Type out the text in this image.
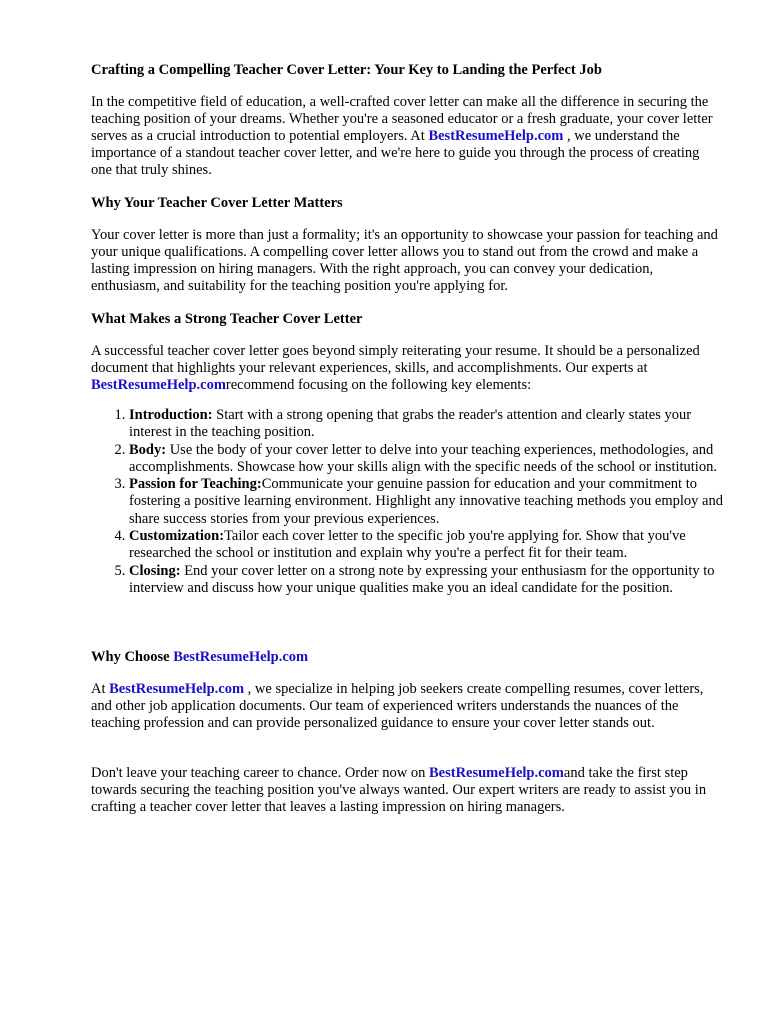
Crafting a Compelling Teacher Cover Letter: Your Key to Landing the Perfect Job
In the competitive field of education, a well-crafted cover letter can make all the difference in securing the teaching position of your dreams. Whether you're a seasoned educator or a fresh graduate, your cover letter serves as a crucial introduction to potential employers. At BestResumeHelp.com , we understand the importance of a standout teacher cover letter, and we're here to guide you through the process of creating one that truly shines.
Why Your Teacher Cover Letter Matters
Your cover letter is more than just a formality; it's an opportunity to showcase your passion for teaching and your unique qualifications. A compelling cover letter allows you to stand out from the crowd and make a lasting impression on hiring managers. With the right approach, you can convey your dedication, enthusiasm, and suitability for the teaching position you're applying for.
What Makes a Strong Teacher Cover Letter
A successful teacher cover letter goes beyond simply reiterating your resume. It should be a personalized document that highlights your relevant experiences, skills, and accomplishments. Our experts at BestResumeHelp.comrecommend focusing on the following key elements:
1. Introduction: Start with a strong opening that grabs the reader's attention and clearly states your interest in the teaching position.
2. Body: Use the body of your cover letter to delve into your teaching experiences, methodologies, and accomplishments. Showcase how your skills align with the specific needs of the school or institution.
3. Passion for Teaching:Communicate your genuine passion for education and your commitment to fostering a positive learning environment. Highlight any innovative teaching methods you employ and share success stories from your previous experiences.
4. Customization:Tailor each cover letter to the specific job you're applying for. Show that you've researched the school or institution and explain why you're a perfect fit for their team.
5. Closing: End your cover letter on a strong note by expressing your enthusiasm for the opportunity to interview and discuss how your unique qualities make you an ideal candidate for the position.
Why Choose BestResumeHelp.com
At BestResumeHelp.com , we specialize in helping job seekers create compelling resumes, cover letters, and other job application documents. Our team of experienced writers understands the nuances of the teaching profession and can provide personalized guidance to ensure your cover letter stands out.
Don't leave your teaching career to chance. Order now on BestResumeHelp.comand take the first step towards securing the teaching position you've always wanted. Our expert writers are ready to assist you in crafting a teacher cover letter that leaves a lasting impression on hiring managers.
